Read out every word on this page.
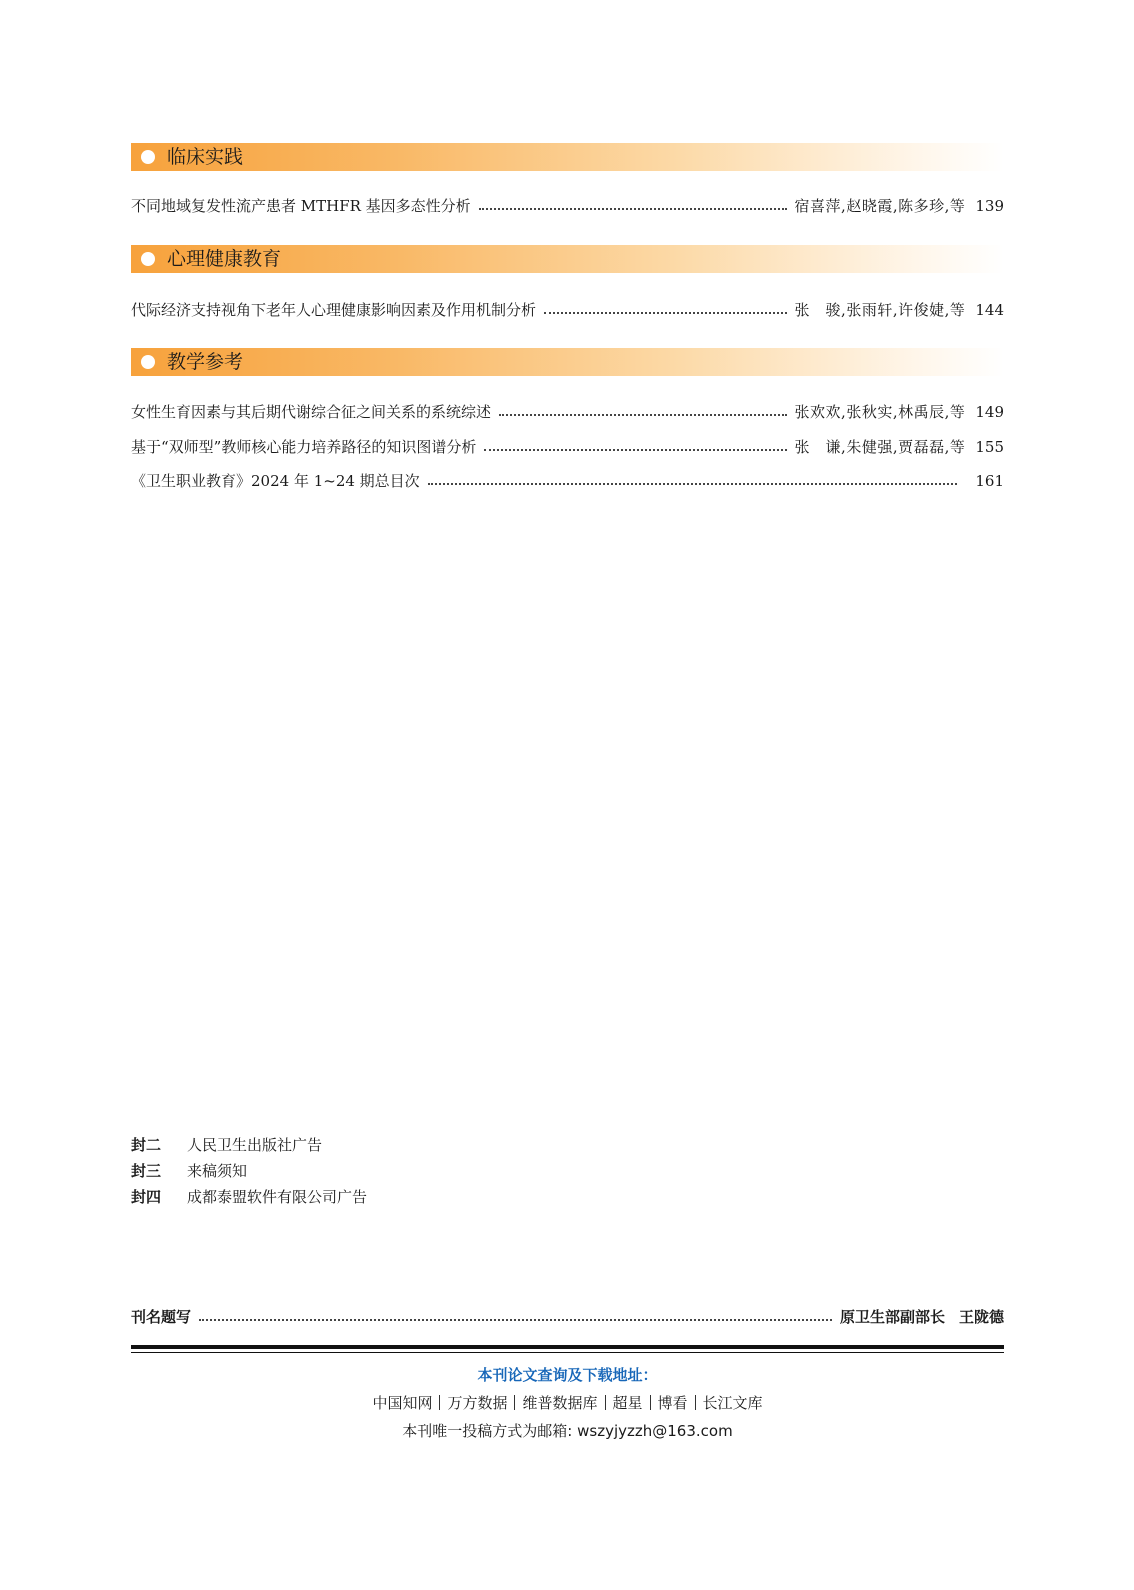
临床实践
不同地域复发性流产患者 MTHFR 基因多态性分析	宿喜萍,赵晓霞,陈多珍,等 139
心理健康教育
代际经济支持视角下老年人心理健康影响因素及作用机制分析	张　骏,张雨轩,许俊婕,等 144
教学参考
女性生育因素与其后期代谢综合征之间关系的系统综述	张欢欢,张秋实,林禹辰,等 149
基于“双师型”教师核心能力培养路径的知识图谱分析	张　谦,朱健强,贾磊磊,等 155
《卫生职业教育》2024 年 1~24 期总目次	161
封二 人民卫生出版社广告
封三 来稿须知
封四 成都泰盟软件有限公司广告
刊名题写	原卫生部副部长 王陇德
本刊论文查询及下载地址：
中国知网 万方数据 维普数据库 超星 博看 长江文库
本刊唯一投稿方式为邮箱: wszyjyzzh@163.com
